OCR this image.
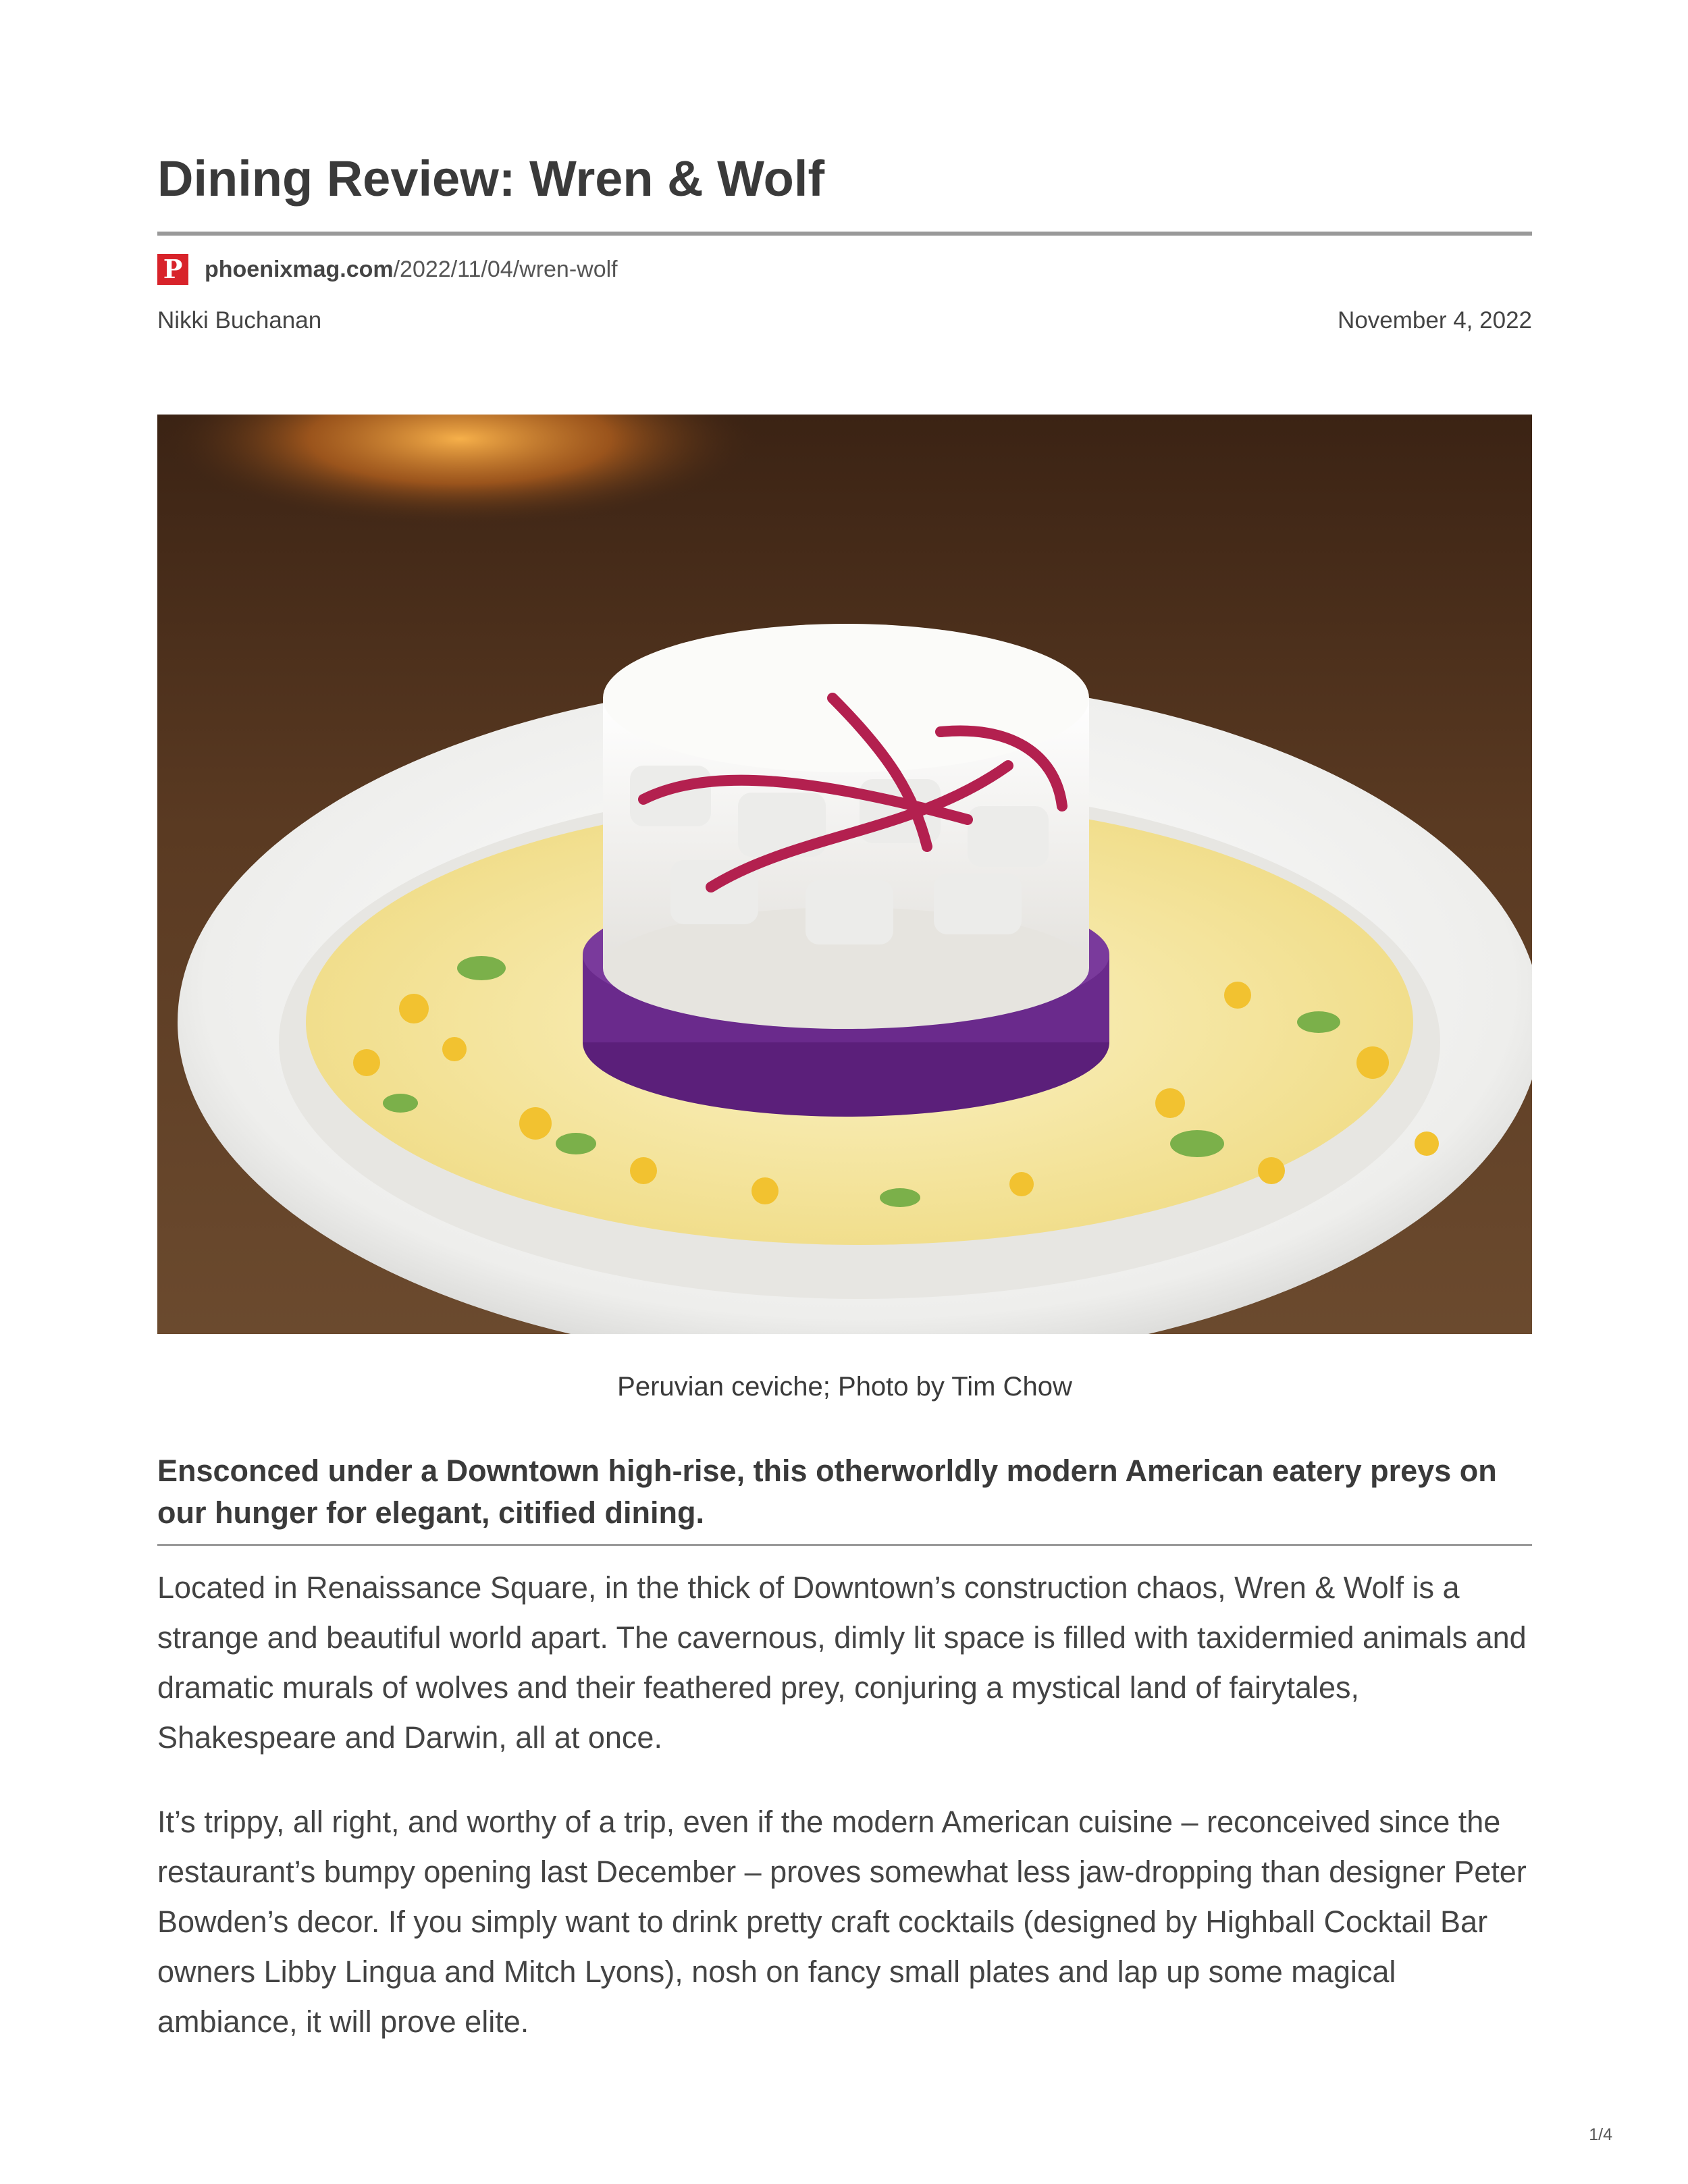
Dining Review: Wren & Wolf
P phoenixmag.com/2022/11/04/wren-wolf
Nikki Buchanan	November 4, 2022
Peruvian ceviche; Photo by Tim Chow

Ensconced under a Downtown high-rise, this otherworldly modern American eatery preys on our hunger for elegant, citified dining.

Located in Renaissance Square, in the thick of Downtown’s construction chaos, Wren & Wolf is a strange and beautiful world apart. The cavernous, dimly lit space is filled with taxidermied animals and dramatic murals of wolves and their feathered prey, conjuring a mystical land of fairytales, Shakespeare and Darwin, all at once.

It’s trippy, all right, and worthy of a trip, even if the modern American cuisine – reconceived since the restaurant’s bumpy opening last December – proves somewhat less jaw-dropping than designer Peter Bowden’s decor. If you simply want to drink pretty craft cocktails (designed by Highball Cocktail Bar owners Libby Lingua and Mitch Lyons), nosh on fancy small plates and lap up some magical ambiance, it will prove elite.

1/4
